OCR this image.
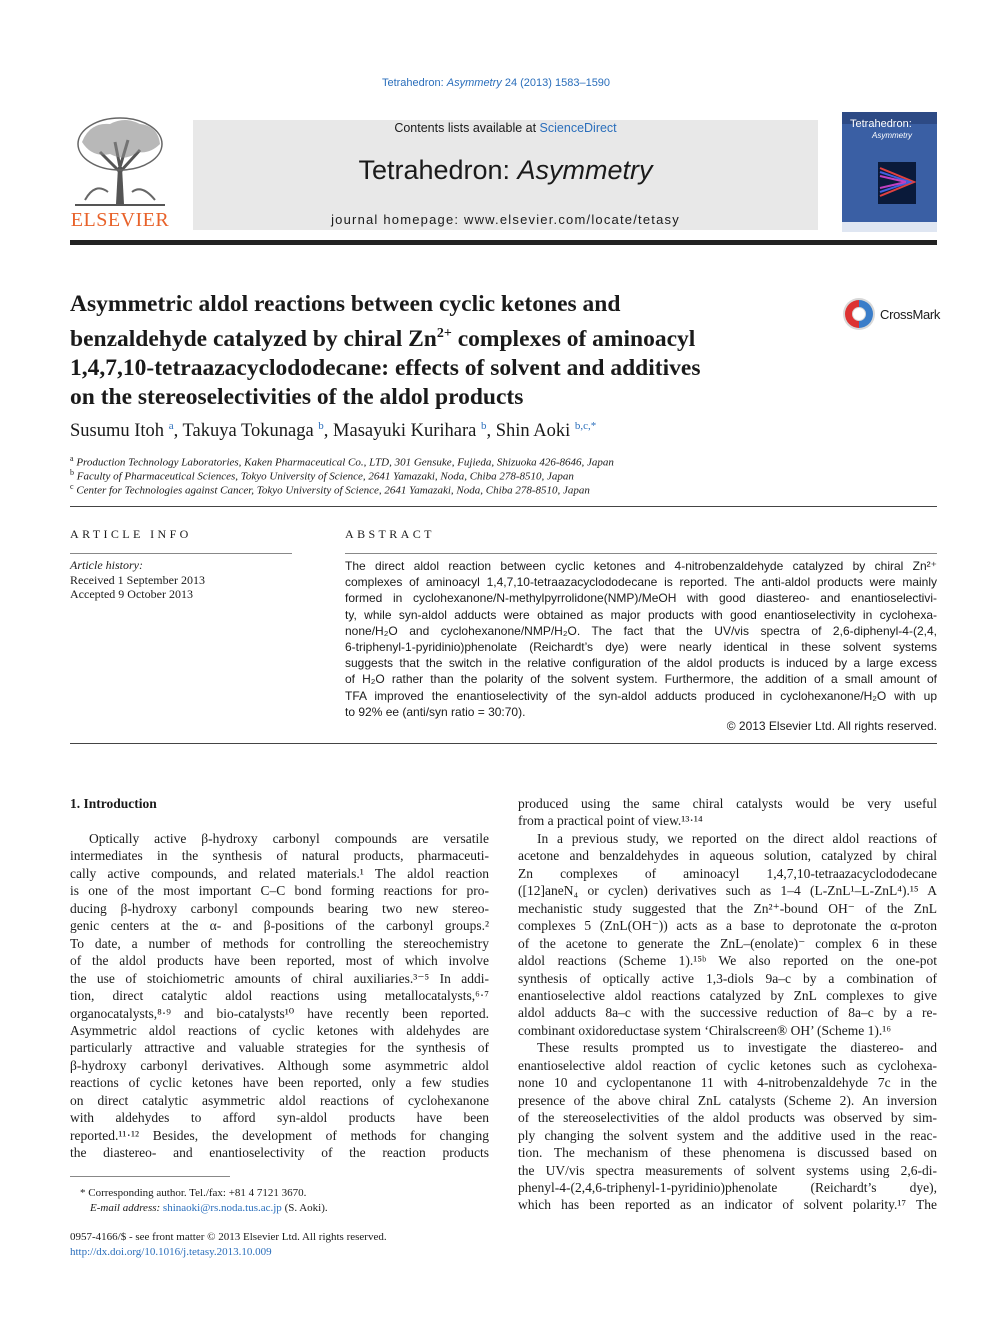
Tetrahedron: Asymmetry 24 (2013) 1583–1590
ELSEVIER
Contents lists available at ScienceDirect
Tetrahedron: Asymmetry
journal homepage: www.elsevier.com/locate/tetasy
Tetrahedron:
Asymmetry
Asymmetric aldol reactions between cyclic ketones and
benzaldehyde catalyzed by chiral $Zn^{2+}$ complexes of aminoacyl
1,4,7,10-tetraazacyclododecane: effects of solvent and additives
on the stereoselectivities of the aldol products
CrossMark
Susumu Itoh $^a$, Takuya Tokunaga $^b$, Masayuki Kurihara $^b$, Shin Aoki $^{b,c,*}$
$^a$ Production Technology Laboratories, Kaken Pharmaceutical Co., LTD, 301 Gensuke, Fujieda, Shizuoka 426-8646, Japan
$^b$ Faculty of Pharmaceutical Sciences, Tokyo University of Science, 2641 Yamazaki, Noda, Chiba 278-8510, Japan
$^c$ Center for Technologies against Cancer, Tokyo University of Science, 2641 Yamazaki, Noda, Chiba 278-8510, Japan
ARTICLE INFO
Article history:
Received 1 September 2013
Accepted 9 October 2013
ABSTRACT
The direct aldol reaction between cyclic ketones and 4-nitrobenzaldehyde catalyzed by chiral Zn²⁺
complexes of aminoacyl 1,4,7,10-tetraazacyclododecane is reported. The anti-aldol products were mainly
formed in cyclohexanone/N-methylpyrrolidone(NMP)/MeOH with good diastereo- and enantioselectivi-
ty, while syn-aldol adducts were obtained as major products with good enantioselectivity in cyclohexa-
none/H₂O and cyclohexanone/NMP/H₂O. The fact that the UV/vis spectra of 2,6-diphenyl-4-(2,4,
6-triphenyl-1-pyridinio)phenolate (Reichardt’s dye) were nearly identical in these solvent systems
suggests that the switch in the relative configuration of the aldol products is induced by a large excess
of H₂O rather than the polarity of the solvent system. Furthermore, the addition of a small amount of
TFA improved the enantioselectivity of the syn-aldol adducts produced in cyclohexanone/H₂O with up
to 92% ee (anti/syn ratio = 30:70).
© 2013 Elsevier Ltd. All rights reserved.
1. Introduction
Optically active β-hydroxy carbonyl compounds are versatile
intermediates in the synthesis of natural products, pharmaceuti-
cally active compounds, and related materials.¹ The aldol reaction
is one of the most important C–C bond forming reactions for pro-
ducing β-hydroxy carbonyl compounds bearing two new stereo-
genic centers at the α- and β-positions of the carbonyl groups.²
To date, a number of methods for controlling the stereochemistry
of the aldol products have been reported, most of which involve
the use of stoichiometric amounts of chiral auxiliaries.³⁻⁵ In addi-
tion, direct catalytic aldol reactions using metallocatalysts,⁶·⁷
organocatalysts,⁸·⁹ and bio-catalysts¹⁰ have recently been reported.
Asymmetric aldol reactions of cyclic ketones with aldehydes are
particularly attractive and valuable strategies for the synthesis of
β-hydroxy carbonyl derivatives. Although some asymmetric aldol
reactions of cyclic ketones have been reported, only a few studies
on direct catalytic asymmetric aldol reactions of cyclohexanone
with aldehydes to afford syn-aldol products have been
reported.¹¹·¹² Besides, the development of methods for changing
the diastereo- and enantioselectivity of the reaction products
produced using the same chiral catalysts would be very useful
from a practical point of view.¹³·¹⁴
In a previous study, we reported on the direct aldol reactions of
acetone and benzaldehydes in aqueous solution, catalyzed by chiral
Zn complexes of aminoacyl 1,4,7,10-tetraazacyclododecane
([12]aneN₄ or cyclen) derivatives such as 1–4 (L-ZnL¹–L-ZnL⁴).¹⁵ A
mechanistic study suggested that the Zn²⁺-bound OH⁻ of the ZnL
complexes 5 (ZnL(OH⁻)) acts as a base to deprotonate the α-proton
of the acetone to generate the ZnL–(enolate)⁻ complex 6 in these
aldol reactions (Scheme 1).¹⁵ᵇ We also reported on the one-pot
synthesis of optically active 1,3-diols 9a–c by a combination of
enantioselective aldol reactions catalyzed by ZnL complexes to give
aldol adducts 8a–c with the successive reduction of 8a–c by a re-
combinant oxidoreductase system ‘Chiralscreen® OH’ (Scheme 1).¹⁶
These results prompted us to investigate the diastereo- and
enantioselective aldol reaction of cyclic ketones such as cyclohexa-
none 10 and cyclopentanone 11 with 4-nitrobenzaldehyde 7c in the
presence of the above chiral ZnL catalysts (Scheme 2). An inversion
of the stereoselectivities of the aldol products was observed by sim-
ply changing the solvent system and the additive used in the reac-
tion. The mechanism of these phenomena is discussed based on
the UV/vis spectra measurements of solvent systems using 2,6-di-
phenyl-4-(2,4,6-triphenyl-1-pyridinio)phenolate (Reichardt’s dye),
which has been reported as an indicator of solvent polarity.¹⁷ The
* Corresponding author. Tel./fax: +81 4 7121 3670.
E-mail address: shinaoki@rs.noda.tus.ac.jp (S. Aoki).
0957-4166/$ - see front matter © 2013 Elsevier Ltd. All rights reserved.
http://dx.doi.org/10.1016/j.tetasy.2013.10.009
